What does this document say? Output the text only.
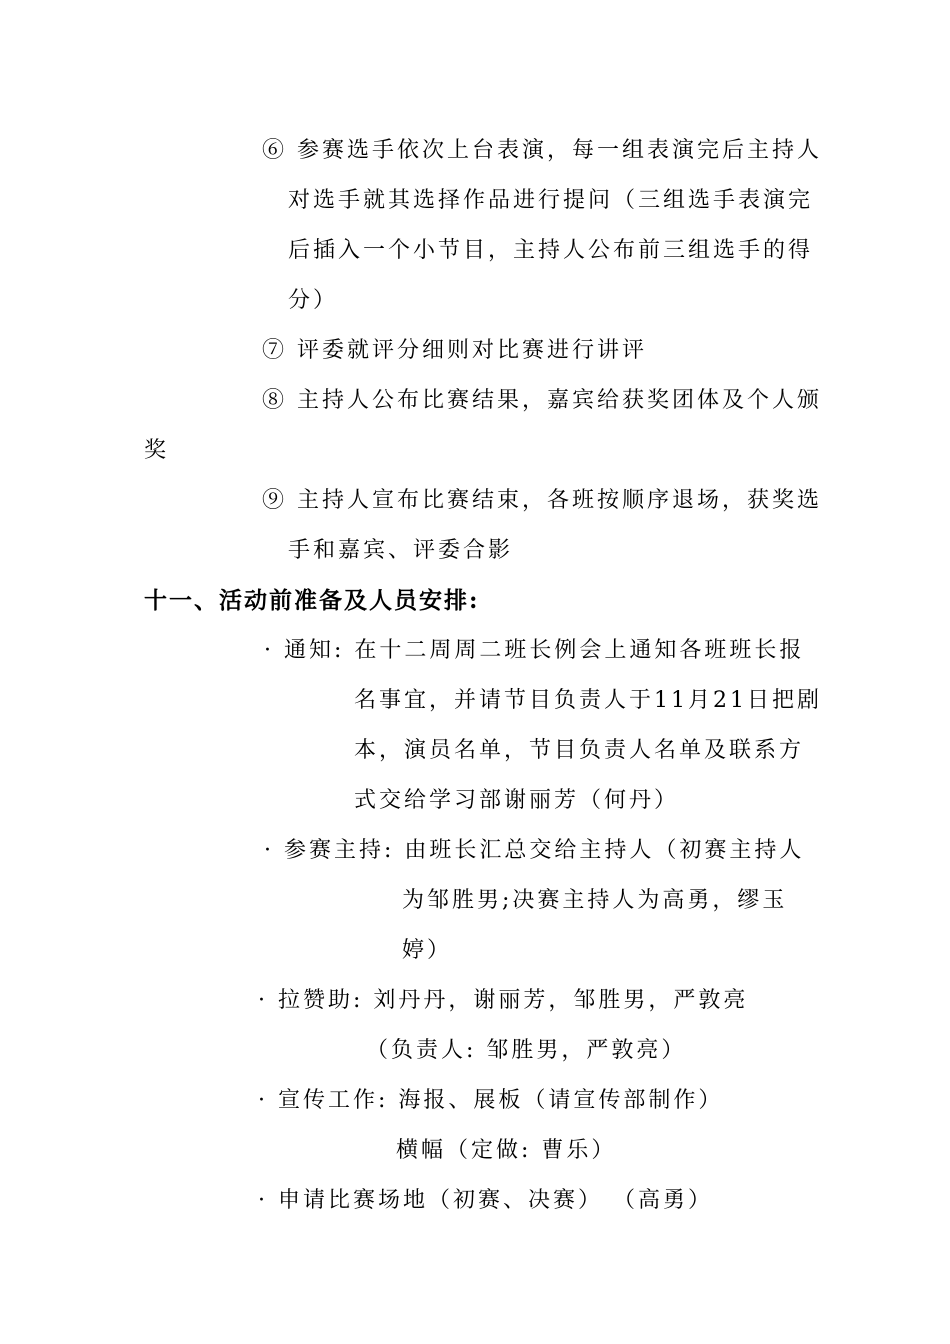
⑥ 参赛选手依次上台表演，每一组表演完后主持人
对选手就其选择作品进行提问（三组选手表演完
后插入一个小节目，主持人公布前三组选手的得
分）
⑦ 评委就评分细则对比赛进行讲评
⑧ 主持人公布比赛结果，嘉宾给获奖团体及个人颁
奖
⑨ 主持人宣布比赛结束，各班按顺序退场，获奖选
手和嘉宾、评委合影
十一、活动前准备及人员安排:
· 通知: 在十二周周二班长例会上通知各班班长报
名事宜，并请节目负责人于11月21日把剧
本，演员名单，节目负责人名单及联系方
式交给学习部谢丽芳（何丹）
· 参赛主持: 由班长汇总交给主持人（初赛主持人
为邹胜男;决赛主持人为高勇，缪玉
婷）
· 拉赞助: 刘丹丹，谢丽芳，邹胜男，严敦亮
（负责人: 邹胜男，严敦亮）
· 宣传工作: 海报、展板（请宣传部制作）
横幅（定做: 曹乐）
· 申请比赛场地（初赛、决赛） （高勇）
